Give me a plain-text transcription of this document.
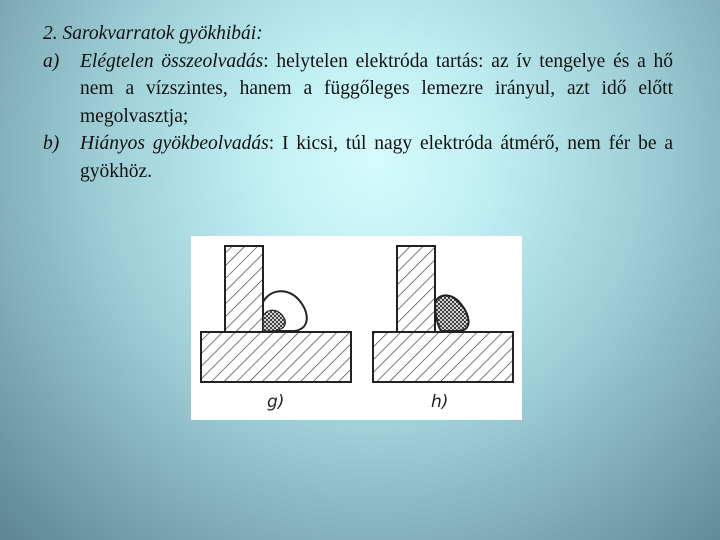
2. Sarokvarratok gyökhibái:

a) Elégtelen összeolvadás: helytelen elektróda tartás: az ív tengelye és a hő nem a vízszintes, hanem a függőleges lemezre irányul, azt idő előtt megolvasztja;

b) Hiányos gyökbeolvadás: I kicsi, túl nagy elektróda átmérő, nem fér be a gyökhöz.

g)	h)
